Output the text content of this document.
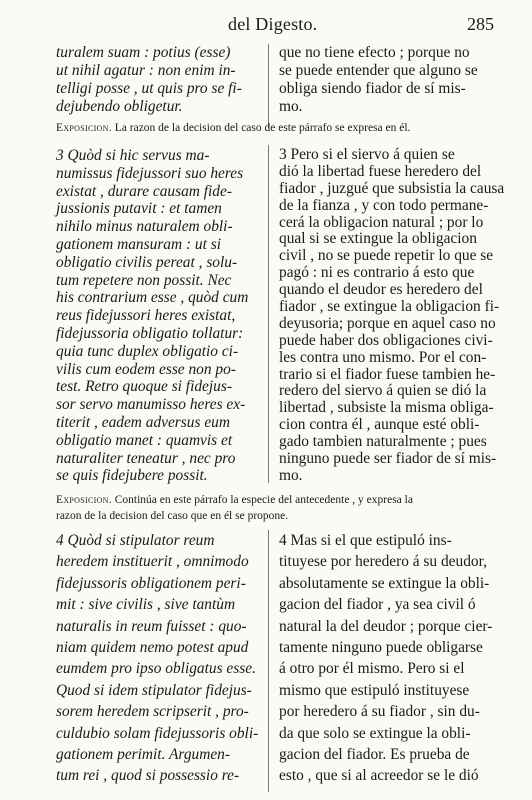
del Digesto.	285
turalem suam : potius (esse)
ut nihil agatur : non enim in-
telligi posse , ut quis pro se fi-
dejubendo obligetur.
que no tiene efecto ; porque no
se puede entender que alguno se
obliga siendo fiador de sí mis-
mo.
Exposicion. La razon de la decision del caso de este párrafo se expresa en él.
3 Quòd si hic servus ma-
numissus fidejussori suo heres
existat , durare causam fide-
jussionis putavit : et tamen
nihilo minus naturalem obli-
gationem mansuram : ut si
obligatio civilis pereat , solu-
tum repetere non possit. Nec
his contrarium esse , quòd cum
reus fidejussori heres existat,
fidejussoria obligatio tollatur:
quia tunc duplex obligatio ci-
vilis cum eodem esse non po-
test. Retro quoque si fidejus-
sor servo manumisso heres ex-
titerit , eadem adversus eum
obligatio manet : quamvis et
naturaliter teneatur , nec pro
se quis fidejubere possit.
3 Pero si el siervo á quien se
dió la libertad fuese heredero del
fiador , juzgué que subsistia la causa
de la fianza , y con todo permane-
cerá la obligacion natural ; por lo
qual si se extingue la obligacion
civil , no se puede repetir lo que se
pagó : ni es contrario á esto que
quando el deudor es heredero del
fiador , se extingue la obligacion fi-
deyusoria; porque en aquel caso no
puede haber dos obligaciones civi-
les contra uno mismo. Por el con-
trario si el fiador fuese tambien he-
redero del siervo á quien se dió la
libertad , subsiste la misma obliga-
cion contra él , aunque esté obli-
gado tambien naturalmente ; pues
ninguno puede ser fiador de sí mis-
mo.
Exposicion. Continúa en este párrafo la especie del antecedente , y expresa la
razon de la decision del caso que en él se propone.
4 Quòd si stipulator reum
heredem instituerit , omnimodo
fidejussoris obligationem peri-
mit : sive civilis , sive tantùm
naturalis in reum fuisset : quo-
niam quidem nemo potest apud
eumdem pro ipso obligatus esse.
Quod si idem stipulator fidejus-
sorem heredem scripserit , pro-
culdubio solam fidejussoris obli-
gationem perimit. Argumen-
tum rei , quod si possessio re-
4 Mas si el que estipuló ins-
tituyese por heredero á su deudor,
absolutamente se extingue la obli-
gacion del fiador , ya sea civil ó
natural la del deudor ; porque cier-
tamente ninguno puede obligarse
á otro por él mismo. Pero si el
mismo que estipuló instituyese
por heredero á su fiador , sin du-
da que solo se extingue la obli-
gacion del fiador. Es prueba de
esto , que si al acreedor se le dió
